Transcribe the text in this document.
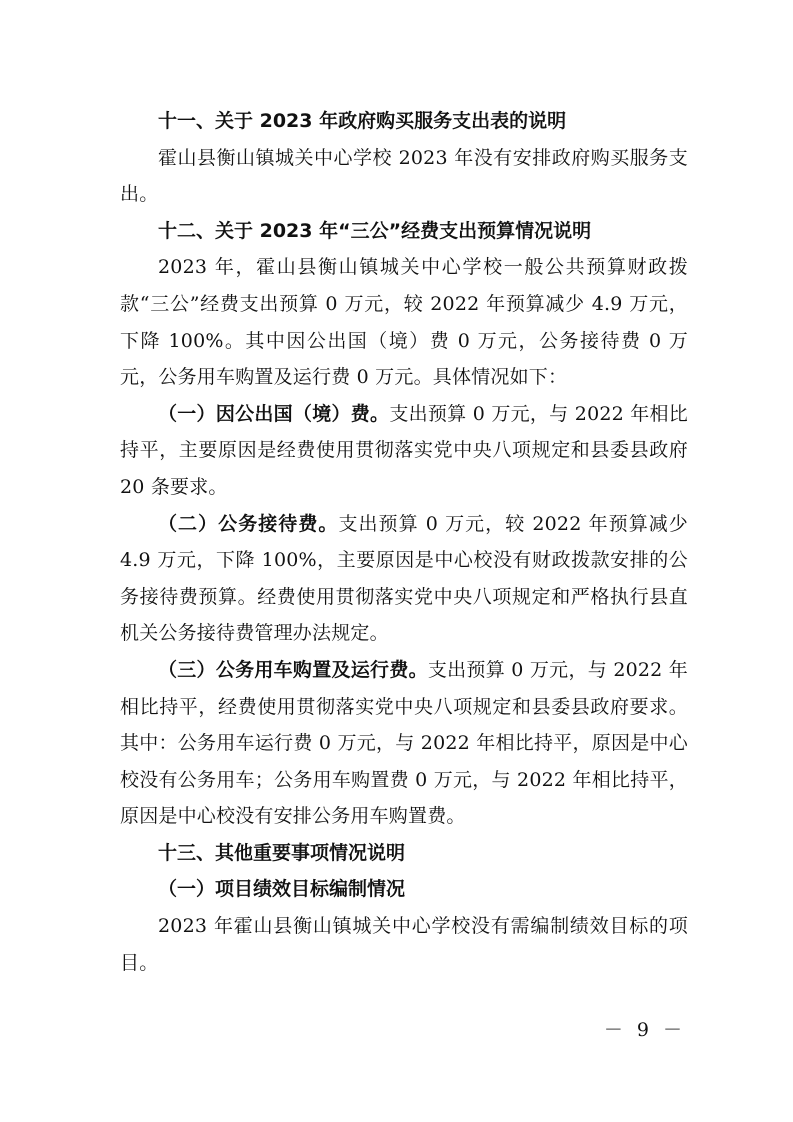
十一、关于 2023 年政府购买服务支出表的说明

霍山县衡山镇城关中心学校 2023 年没有安排政府购买服务支出。

十二、关于 2023 年“三公”经费支出预算情况说明

2023 年，霍山县衡山镇城关中心学校一般公共预算财政拨款“三公”经费支出预算 0 万元，较 2022 年预算减少 4.9 万元，下降 100%。其中因公出国（境）费 0 万元，公务接待费 0 万元，公务用车购置及运行费 0 万元。具体情况如下：

（一）因公出国（境）费。支出预算 0 万元，与 2022 年相比持平，主要原因是经费使用贯彻落实党中央八项规定和县委县政府 20 条要求。

（二）公务接待费。支出预算 0 万元，较 2022 年预算减少 4.9 万元，下降 100%，主要原因是中心校没有财政拨款安排的公务接待费预算。经费使用贯彻落实党中央八项规定和严格执行县直机关公务接待费管理办法规定。

（三）公务用车购置及运行费。支出预算 0 万元，与 2022 年相比持平，经费使用贯彻落实党中央八项规定和县委县政府要求。其中：公务用车运行费 0 万元，与 2022 年相比持平，原因是中心校没有公务用车；公务用车购置费 0 万元，与 2022 年相比持平，原因是中心校没有安排公务用车购置费。

十三、其他重要事项情况说明

（一）项目绩效目标编制情况

2023 年霍山县衡山镇城关中心学校没有需编制绩效目标的项目。

－ 9 －
